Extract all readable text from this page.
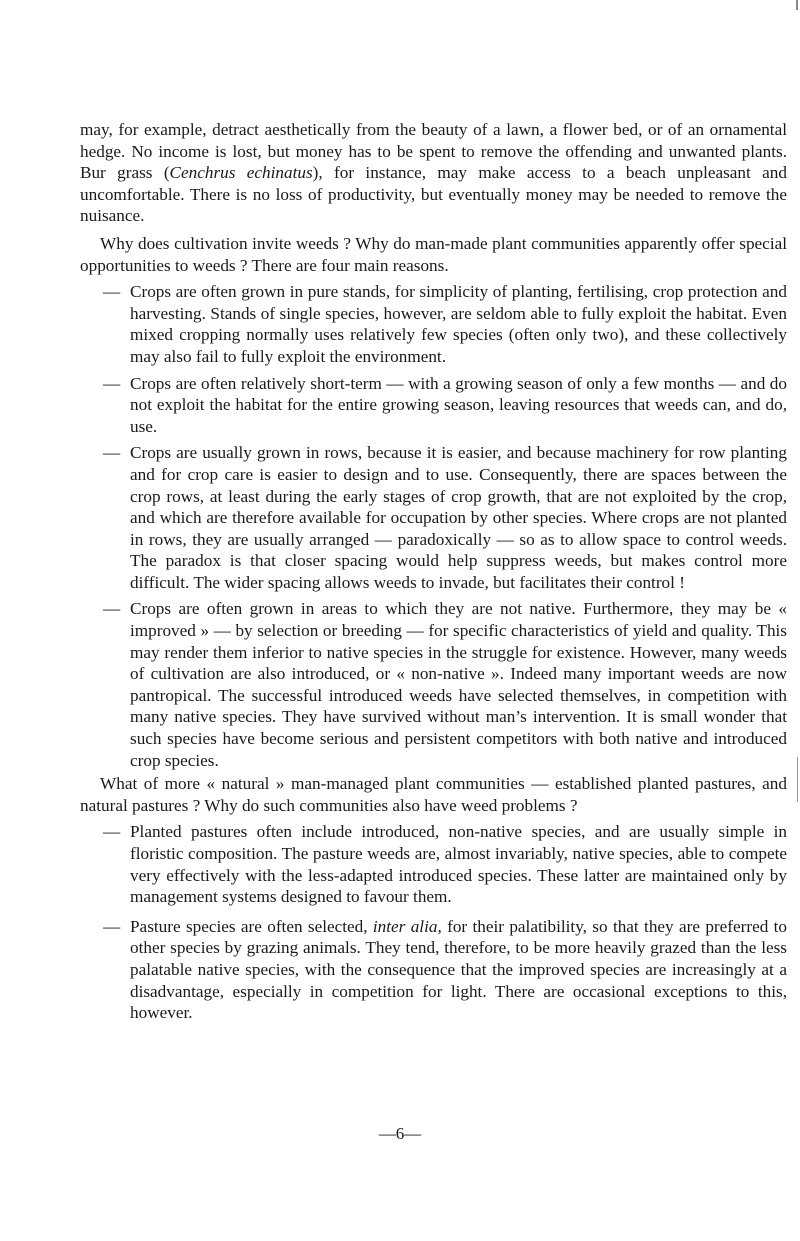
may, for example, detract aesthetically from the beauty of a lawn, a flower bed, or of an ornamental hedge. No income is lost, but money has to be spent to remove the offending and unwanted plants. Bur grass (Cenchrus echinatus), for instance, may make access to a beach unpleasant and uncomfortable. There is no loss of productivity, but eventually money may be needed to remove the nuisance.

Why does cultivation invite weeds ? Why do man-made plant communities apparently offer special opportunities to weeds ? There are four main reasons.

— Crops are often grown in pure stands, for simplicity of planting, fertilising, crop protection and harvesting. Stands of single species, however, are seldom able to fully exploit the habitat. Even mixed cropping normally uses relatively few species (often only two), and these collectively may also fail to fully exploit the environment.
— Crops are often relatively short-term — with a growing season of only a few months — and do not exploit the habitat for the entire growing season, leaving resources that weeds can, and do, use.
— Crops are usually grown in rows, because it is easier, and because machinery for row planting and for crop care is easier to design and to use. Consequently, there are spaces between the crop rows, at least during the early stages of crop growth, that are not exploited by the crop, and which are therefore available for occupation by other species. Where crops are not planted in rows, they are usually arranged — paradoxically — so as to allow space to control weeds. The paradox is that closer spacing would help suppress weeds, but makes control more difficult. The wider spacing allows weeds to invade, but facilitates their control !
— Crops are often grown in areas to which they are not native. Furthermore, they may be « improved » — by selection or breeding — for specific characteristics of yield and quality. This may render them inferior to native species in the struggle for existence. However, many weeds of cultivation are also introduced, or « non-native ». Indeed many important weeds are now pantropical. The successful introduced weeds have selected themselves, in competition with many native species. They have survived without man’s intervention. It is small wonder that such species have become serious and persistent competitors with both native and introduced crop species.

What of more « natural » man-managed plant communities — established planted pastures, and natural pastures ? Why do such communities also have weed problems ?

— Planted pastures often include introduced, non-native species, and are usually simple in floristic composition. The pasture weeds are, almost invariably, native species, able to compete very effectively with the less-adapted introduced species. These latter are maintained only by management systems designed to favour them.
— Pasture species are often selected, inter alia, for their palatibility, so that they are preferred to other species by grazing animals. They tend, therefore, to be more heavily grazed than the less palatable native species, with the consequence that the improved species are increasingly at a disadvantage, especially in competition for light. There are occasional exceptions to this, however.
—6—
